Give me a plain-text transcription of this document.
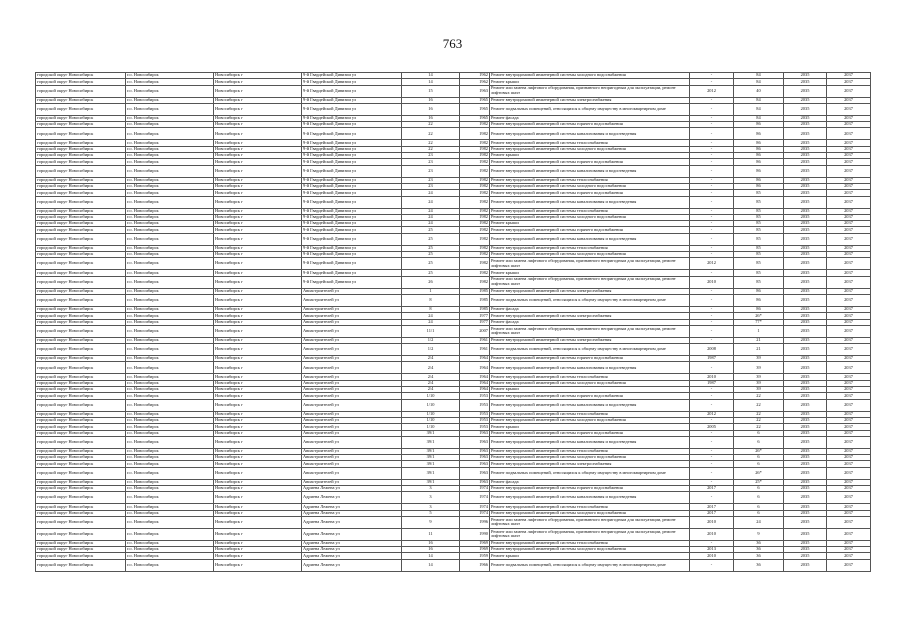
763
городской округ Новосибирск	г.о. Новосибирск	Новосибирск г	9-й Гвардейской Дивизии ул	14	1962	Ремонт внутридомовой инженерной системы холодного водоснабжения	-	84	2035	2037
городской округ Новосибирск	г.о. Новосибирск	Новосибирск г	9-й Гвардейской Дивизии ул	14	1962	Ремонт крыши	-	84	2035	2037
городской округ Новосибирск	г.о. Новосибирск	Новосибирск г	9-й Гвардейской Дивизии ул	15	1963	Ремонт или замена лифтового оборудования, признанного непригодным для эксплуатации, ремонт лифтовых шахт	2012	40	2035	2037
городской округ Новосибирск	г.о. Новосибирск	Новосибирск г	9-й Гвардейской Дивизии ул	16	1965	Ремонт внутридомовой инженерной системы электроснабжения	-	84	2035	2037
городской округ Новосибирск	г.о. Новосибирск	Новосибирск г	9-й Гвардейской Дивизии ул	16	1965	Ремонт подвальных помещений, относящихся к общему имуществу в многоквартирном доме	-	84	2035	2037
городской округ Новосибирск	г.о. Новосибирск	Новосибирск г	9-й Гвардейской Дивизии ул	16	1965	Ремонт фасада	-	84	2035	2037
городской округ Новосибирск	г.о. Новосибирск	Новосибирск г	9-й Гвардейской Дивизии ул	22	1982	Ремонт внутридомовой инженерной системы горячего водоснабжения	-	86	2035	2037
городской округ Новосибирск	г.о. Новосибирск	Новосибирск г	9-й Гвардейской Дивизии ул	22	1982	Ремонт внутридомовой инженерной системы канализования и водоотведения	-	86	2035	2037
городской округ Новосибирск	г.о. Новосибирск	Новосибирск г	9-й Гвардейской Дивизии ул	22	1982	Ремонт внутридомовой инженерной системы теплоснабжения	-	86	2035	2037
городской округ Новосибирск	г.о. Новосибирск	Новосибирск г	9-й Гвардейской Дивизии ул	22	1982	Ремонт внутридомовой инженерной системы холодного водоснабжения	-	86	2035	2037
городской округ Новосибирск	г.о. Новосибирск	Новосибирск г	9-й Гвардейской Дивизии ул	23	1982	Ремонт крыши	-	86	2035	2037
городской округ Новосибирск	г.о. Новосибирск	Новосибирск г	9-й Гвардейской Дивизии ул	23	1982	Ремонт внутридомовой инженерной системы горячего водоснабжения	-	86	2035	2037
городской округ Новосибирск	г.о. Новосибирск	Новосибирск г	9-й Гвардейской Дивизии ул	23	1982	Ремонт внутридомовой инженерной системы канализования и водоотведения	-	86	2035	2037
городской округ Новосибирск	г.о. Новосибирск	Новосибирск г	9-й Гвардейской Дивизии ул	23	1982	Ремонт внутридомовой инженерной системы теплоснабжения	-	86	2035	2037
городской округ Новосибирск	г.о. Новосибирск	Новосибирск г	9-й Гвардейской Дивизии ул	23	1982	Ремонт внутридомовой инженерной системы холодного водоснабжения	-	86	2035	2037
городской округ Новосибирск	г.о. Новосибирск	Новосибирск г	9-й Гвардейской Дивизии ул	24	1982	Ремонт внутридомовой инженерной системы горячего водоснабжения	-	85	2035	2037
городской округ Новосибирск	г.о. Новосибирск	Новосибирск г	9-й Гвардейской Дивизии ул	24	1982	Ремонт внутридомовой инженерной системы канализования и водоотведения	-	85	2035	2037
городской округ Новосибирск	г.о. Новосибирск	Новосибирск г	9-й Гвардейской Дивизии ул	24	1982	Ремонт внутридомовой инженерной системы теплоснабжения	-	85	2035	2037
городской округ Новосибирск	г.о. Новосибирск	Новосибирск г	9-й Гвардейской Дивизии ул	24	1982	Ремонт внутридомовой инженерной системы холодного водоснабжения	-	85	2035	2037
городской округ Новосибирск	г.о. Новосибирск	Новосибирск г	9-й Гвардейской Дивизии ул	24	1982	Ремонт крыши	-	85	2035	2037
городской округ Новосибирск	г.о. Новосибирск	Новосибирск г	9-й Гвардейской Дивизии ул	25	1982	Ремонт внутридомовой инженерной системы горячего водоснабжения	-	85	2035	2037
городской округ Новосибирск	г.о. Новосибирск	Новосибирск г	9-й Гвардейской Дивизии ул	25	1982	Ремонт внутридомовой инженерной системы канализования и водоотведения	-	85	2035	2037
городской округ Новосибирск	г.о. Новосибирск	Новосибирск г	9-й Гвардейской Дивизии ул	25	1982	Ремонт внутридомовой инженерной системы теплоснабжения	-	85	2035	2037
городской округ Новосибирск	г.о. Новосибирск	Новосибирск г	9-й Гвардейской Дивизии ул	25	1982	Ремонт внутридомовой инженерной системы холодного водоснабжения	-	85	2035	2037
городской округ Новосибирск	г.о. Новосибирск	Новосибирск г	9-й Гвардейской Дивизии ул	25	1982	Ремонт или замена лифтового оборудования, признанного непригодным для эксплуатации, ремонт лифтовых шахт	2012	85	2035	2037
городской округ Новосибирск	г.о. Новосибирск	Новосибирск г	9-й Гвардейской Дивизии ул	25	1982	Ремонт крыши	-	85	2035	2037
городской округ Новосибирск	г.о. Новосибирск	Новосибирск г	9-й Гвардейской Дивизии ул	26	1982	Ремонт или замена лифтового оборудования, признанного непригодным для эксплуатации, ремонт лифтовых шахт	2010	85	2035	2037
городской округ Новосибирск	г.о. Новосибирск	Новосибирск г	Авиастроителей ул	1	1985	Ремонт внутридомовой инженерной системы электроснабжения	-	86	2035	2037
городской округ Новосибирск	г.о. Новосибирск	Новосибирск г	Авиастроителей ул	8	1985	Ремонт подвальных помещений, относящихся к общему имуществу в многоквартирном доме	-	86	2035	2037
городской округ Новосибирск	г.о. Новосибирск	Новосибирск г	Авиастроителей ул	8	1985	Ремонт фасада	-	86	2035	2037
городской округ Новосибирск	г.о. Новосибирск	Новосибирск г	Авиастроителей ул	24	1977	Ремонт внутридомовой инженерной системы электроснабжения	-	26*	2035	2037
городской округ Новосибирск	г.о. Новосибирск	Новосибирск г	Авиастроителей ул	24	1977	Ремонт фасада	-	77*	2035	2037
городской округ Новосибирск	г.о. Новосибирск	Новосибирск г	Авиастроителей ул	11/1	2007	Ремонт или замена лифтового оборудования, признанного непригодным для эксплуатации, ремонт лифтовых шахт	-	1	2035	2037
городской округ Новосибирск	г.о. Новосибирск	Новосибирск г	Авиастроителей ул	1/2	1961	Ремонт внутридомовой инженерной системы электроснабжения	-	21	2035	2037
городской округ Новосибирск	г.о. Новосибирск	Новосибирск г	Авиастроителей ул	1/2	1961	Ремонт подвальных помещений, относящихся к общему имуществу в многоквартирном доме	2008	21	2035	2037
городской округ Новосибирск	г.о. Новосибирск	Новосибирск г	Авиастроителей ул	2/4	1964	Ремонт внутридомовой инженерной системы горячего водоснабжения	1987	39	2035	2037
городской округ Новосибирск	г.о. Новосибирск	Новосибирск г	Авиастроителей ул	2/4	1964	Ремонт внутридомовой инженерной системы канализования и водоотведения	-	39	2035	2037
городской округ Новосибирск	г.о. Новосибирск	Новосибирск г	Авиастроителей ул	2/4	1964	Ремонт внутридомовой инженерной системы теплоснабжения	2010	39	2035	2037
городской округ Новосибирск	г.о. Новосибирск	Новосибирск г	Авиастроителей ул	2/4	1964	Ремонт внутридомовой инженерной системы холодного водоснабжения	1987	39	2035	2037
городской округ Новосибирск	г.о. Новосибирск	Новосибирск г	Авиастроителей ул	2/4	1964	Ремонт крыши	-	39	2035	2037
городской округ Новосибирск	г.о. Новосибирск	Новосибирск г	Авиастроителей ул	1/10	1953	Ремонт внутридомовой инженерной системы горячего водоснабжения	-	22	2035	2037
городской округ Новосибирск	г.о. Новосибирск	Новосибирск г	Авиастроителей ул	1/10	1953	Ремонт внутридомовой инженерной системы канализования и водоотведения	-	22	2035	2037
городской округ Новосибирск	г.о. Новосибирск	Новосибирск г	Авиастроителей ул	1/10	1953	Ремонт внутридомовой инженерной системы теплоснабжения	2012	22	2035	2037
городской округ Новосибирск	г.о. Новосибирск	Новосибирск г	Авиастроителей ул	1/10	1953	Ремонт внутридомовой инженерной системы холодного водоснабжения	-	22	2035	2037
городской округ Новосибирск	г.о. Новосибирск	Новосибирск г	Авиастроителей ул	1/10	1953	Ремонт крыши	2005	22	2035	2037
городской округ Новосибирск	г.о. Новосибирск	Новосибирск г	Авиастроителей ул	39/1	1963	Ремонт внутридомовой инженерной системы горячего водоснабжения	-	6	2035	2037
городской округ Новосибирск	г.о. Новосибирск	Новосибирск г	Авиастроителей ул	39/1	1963	Ремонт внутридомовой инженерной системы канализования и водоотведения	-	6	2035	2037
городской округ Новосибирск	г.о. Новосибирск	Новосибирск г	Авиастроителей ул	39/1	1963	Ремонт внутридомовой инженерной системы теплоснабжения	-	26*	2035	2037
городской округ Новосибирск	г.о. Новосибирск	Новосибирск г	Авиастроителей ул	39/1	1963	Ремонт внутридомовой инженерной системы холодного водоснабжения	-	6	2035	2037
городской округ Новосибирск	г.о. Новосибирск	Новосибирск г	Авиастроителей ул	39/1	1963	Ремонт внутридомовой инженерной системы электроснабжения	-	6	2035	2037
городской округ Новосибирск	г.о. Новосибирск	Новосибирск г	Авиастроителей ул	39/1	1963	Ремонт подвальных помещений, относящихся к общему имуществу в многоквартирном доме	-	26*	2035	2037
городской округ Новосибирск	г.о. Новосибирск	Новосибирск г	Авиастроителей ул	39/1	1963	Ремонт фасада	-	25*	2035	2037
городской округ Новосибирск	г.о. Новосибирск	Новосибирск г	Адриена Лежена ул	3	1974	Ремонт внутридомовой инженерной системы горячего водоснабжения	2017	6	2035	2037
городской округ Новосибирск	г.о. Новосибирск	Новосибирск г	Адриена Лежена ул	3	1974	Ремонт внутридомовой инженерной системы канализования и водоотведения	-	6	2035	2037
городской округ Новосибирск	г.о. Новосибирск	Новосибирск г	Адриена Лежена ул	3	1974	Ремонт внутридомовой инженерной системы теплоснабжения	2017	6	2035	2037
городской округ Новосибирск	г.о. Новосибирск	Новосибирск г	Адриена Лежена ул	5	1974	Ремонт внутридомовой инженерной системы холодного водоснабжения	2017	6	2035	2037
городской округ Новосибирск	г.о. Новосибирск	Новосибирск г	Адриена Лежена ул	9	1996	Ремонт или замена лифтового оборудования, признанного непригодным для эксплуатации, ремонт лифтовых шахт	2010	24	2035	2037
городской округ Новосибирск	г.о. Новосибирск	Новосибирск г	Адриена Лежена ул	11	1990	Ремонт или замена лифтового оборудования, признанного непригодным для эксплуатации, ремонт лифтовых шахт	2010	9	2035	2037
городской округ Новосибирск	г.о. Новосибирск	Новосибирск г	Адриена Лежена ул	16	1969	Ремонт внутридомовой инженерной системы теплоснабжения	-	36	2035	2037
городской округ Новосибирск	г.о. Новосибирск	Новосибирск г	Адриена Лежена ул	16	1969	Ремонт внутридомовой инженерной системы холодного водоснабжения	2013	36	2035	2037
городской округ Новосибирск	г.о. Новосибирск	Новосибирск г	Адриена Лежена ул	14	1959	Ремонт крыши	2010	36	2035	2037
городской округ Новосибирск	г.о. Новосибирск	Новосибирск г	Адриена Лежена ул	14	1966	Ремонт подвальных помещений, относящихся к общему имуществу в многоквартирном доме	-	36	2035	2037
